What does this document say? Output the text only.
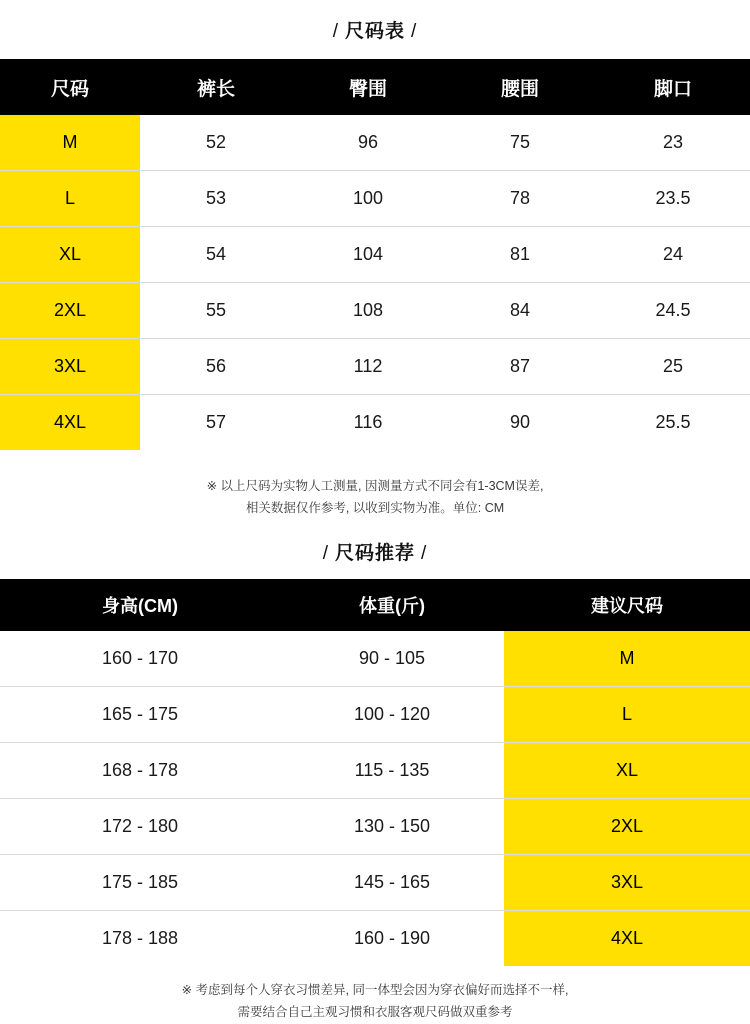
/ 尺码表 /
尺码	裤长	臀围	腰围	脚口
M	52	96	75	23
L	53	100	78	23.5
XL	54	104	81	24
2XL	55	108	84	24.5
3XL	56	112	87	25
4XL	57	116	90	25.5
※ 以上尺码为实物人工测量, 因测量方式不同会有1-3CM误差,
相关数据仅作参考, 以收到实物为准。单位: CM
/ 尺码推荐 /
身高(CM)	体重(斤)	建议尺码
160 - 170	90 - 105	M
165 - 175	100 - 120	L
168 - 178	115 - 135	XL
172 - 180	130 - 150	2XL
175 - 185	145 - 165	3XL
178 - 188	160 - 190	4XL
※ 考虑到每个人穿衣习惯差异, 同一体型会因为穿衣偏好而选择不一样,
需要结合自己主观习惯和衣服客观尺码做双重参考
